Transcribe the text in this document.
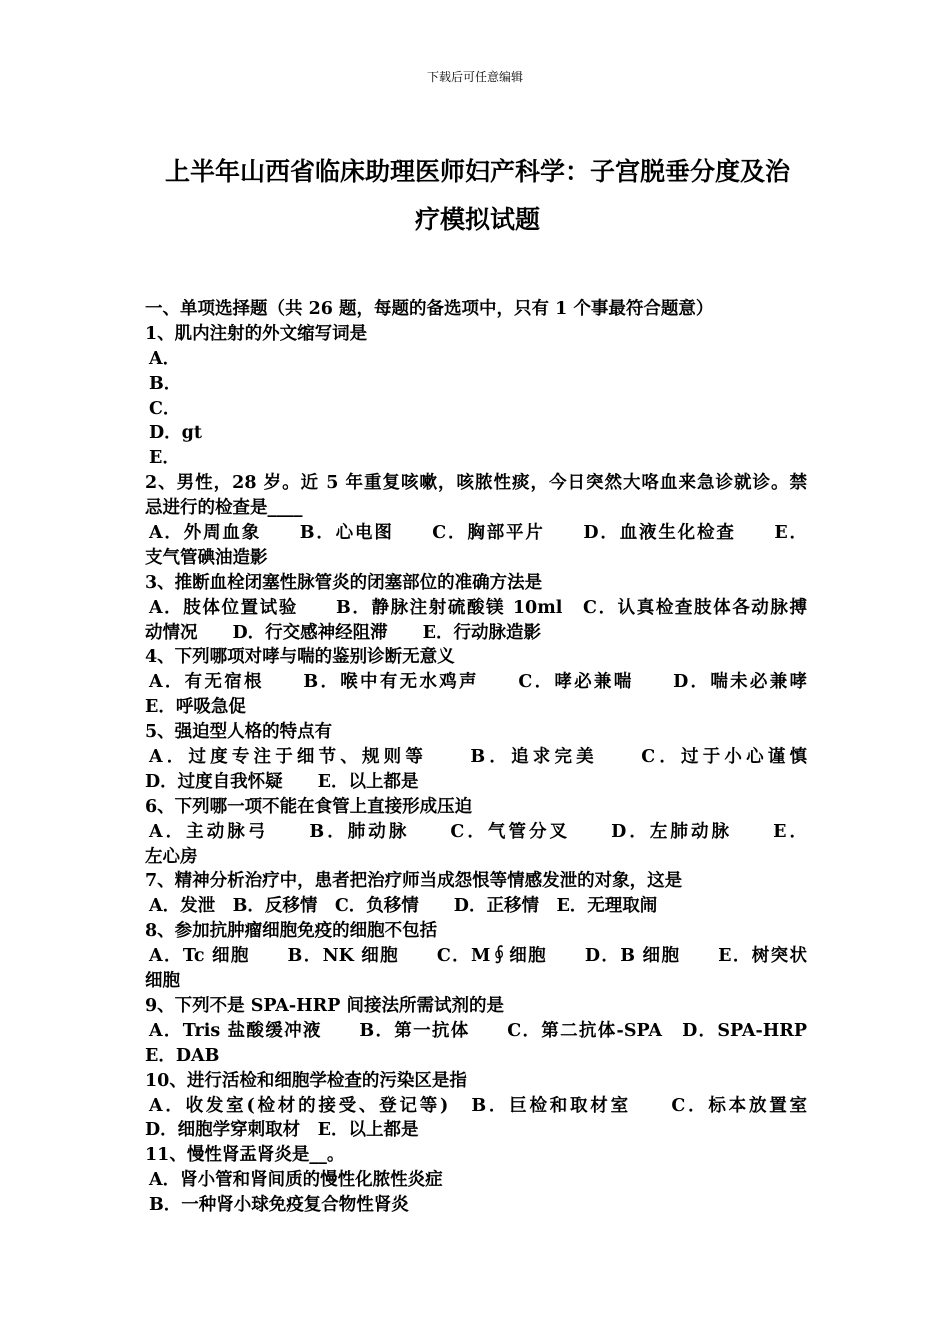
下载后可任意编辑
上半年山西省临床助理医师妇产科学：子宫脱垂分度及治
疗模拟试题
一、单项选择题（共 26 题，每题的备选项中，只有 1 个事最符合题意）
1、肌内注射的外文缩写词是
A．
B．
C．
D．gt
E．
2、男性，28 岁。近 5 年重复咳嗽，咳脓性痰，今日突然大咯血来急诊就诊。禁
忌进行的检查是____
A．外周血象　　B．心电图　　C．胸部平片　　D．血液生化检查　　E．
支气管碘油造影
3、推断血栓闭塞性脉管炎的闭塞部位的准确方法是
A．肢体位置试验　　B．静脉注射硫酸镁 10ml　C．认真检查肢体各动脉搏
动情况　　D．行交感神经阻滞　　E．行动脉造影
4、下列哪项对哮与喘的鉴别诊断无意义
A．有无宿根　　B．喉中有无水鸡声　　C．哮必兼喘　　D．喘未必兼哮
E．呼吸急促
5、强迫型人格的特点有
A．过度专注于细节、规则等　　B．追求完美　　C．过于小心谨慎
D．过度自我怀疑　　E．以上都是
6、下列哪一项不能在食管上直接形成压迫
A．主动脉弓　　B．肺动脉　　C．气管分叉　　D．左肺动脉　　E．
左心房
7、精神分析治疗中，患者把治疗师当成怨恨等情感发泄的对象，这是
A．发泄　B．反移情　C．负移情　　D．正移情　E．无理取闹
8、参加抗肿瘤细胞免疫的细胞不包括
A．Tc 细胞　　B．NK 细胞　　C．M∮细胞　　D．B 细胞　　E．树突状
细胞
9、下列不是 SPA-HRP 间接法所需试剂的是
A．Tris 盐酸缓冲液　　B．第一抗体　　C．第二抗体-SPA　D．SPA-HRP
E．DAB
10、进行活检和细胞学检查的污染区是指
A．收发室(检材的接受、登记等)　B．巨检和取材室　　C．标本放置室
D．细胞学穿刺取材　E．以上都是
11、慢性肾盂肾炎是__。
A．肾小管和肾间质的慢性化脓性炎症
B．一种肾小球免疫复合物性肾炎
